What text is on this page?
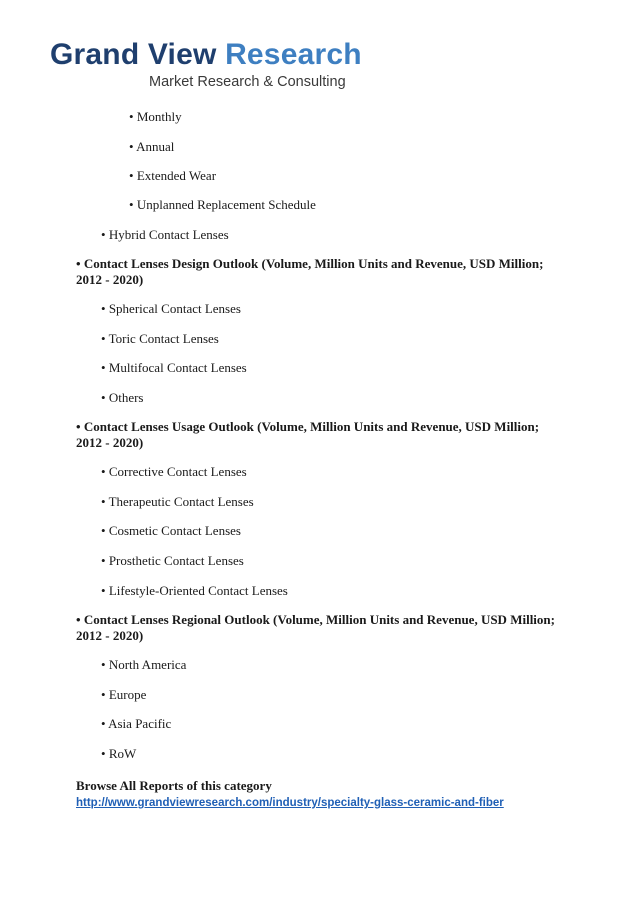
Grand View Research
Market Research & Consulting
• Monthly
• Annual
• Extended Wear
• Unplanned Replacement Schedule
• Hybrid Contact Lenses
• Contact Lenses Design Outlook (Volume, Million Units and Revenue, USD Million; 2012 - 2020)
• Spherical Contact Lenses
• Toric Contact Lenses
• Multifocal Contact Lenses
• Others
• Contact Lenses Usage Outlook (Volume, Million Units and Revenue, USD Million; 2012 - 2020)
• Corrective Contact Lenses
• Therapeutic Contact Lenses
• Cosmetic Contact Lenses
• Prosthetic Contact Lenses
• Lifestyle-Oriented Contact Lenses
• Contact Lenses Regional Outlook (Volume, Million Units and Revenue, USD Million; 2012 - 2020)
• North America
• Europe
• Asia Pacific
• RoW
Browse All Reports of this category http://www.grandviewresearch.com/industry/specialty-glass-ceramic-and-fiber
